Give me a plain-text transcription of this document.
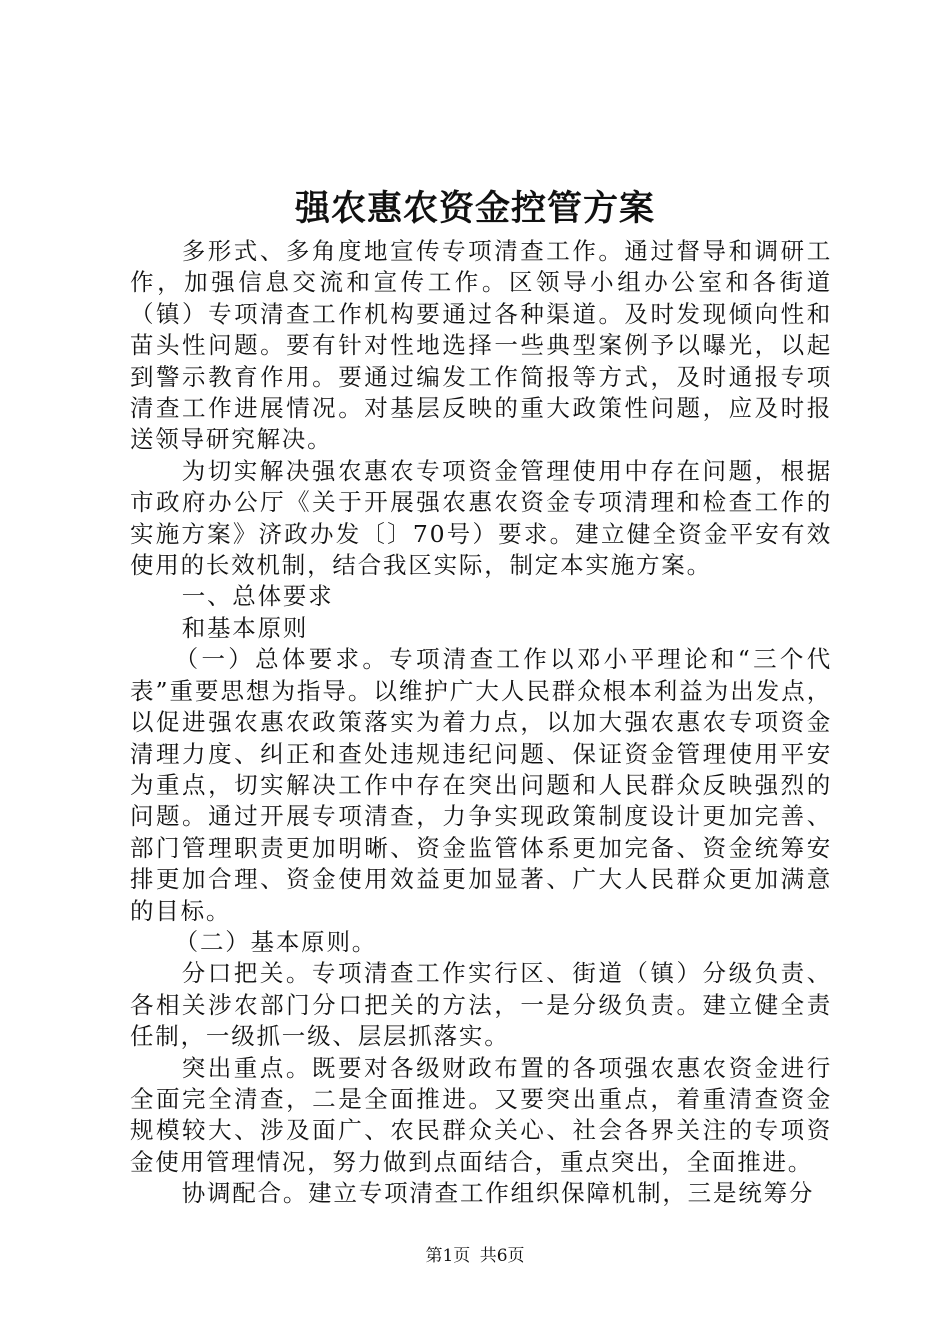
强农惠农资金控管方案

多形式、多角度地宣传专项清查工作。通过督导和调研工作，加强信息交流和宣传工作。区领导小组办公室和各街道（镇）专项清查工作机构要通过各种渠道。及时发现倾向性和苗头性问题。要有针对性地选择一些典型案例予以曝光，以起到警示教育作用。要通过编发工作简报等方式，及时通报专项清查工作进展情况。对基层反映的重大政策性问题，应及时报送领导研究解决。

为切实解决强农惠农专项资金管理使用中存在问题，根据市政府办公厅《关于开展强农惠农资金专项清理和检查工作的实施方案》济政办发〔〕70号）要求。建立健全资金平安有效使用的长效机制，结合我区实际，制定本实施方案。

一、总体要求

和基本原则

（一）总体要求。专项清查工作以邓小平理论和“三个代表”重要思想为指导。以维护广大人民群众根本利益为出发点，以促进强农惠农政策落实为着力点，以加大强农惠农专项资金清理力度、纠正和查处违规违纪问题、保证资金管理使用平安为重点，切实解决工作中存在突出问题和人民群众反映强烈的问题。通过开展专项清查，力争实现政策制度设计更加完善、部门管理职责更加明晰、资金监管体系更加完备、资金统筹安排更加合理、资金使用效益更加显著、广大人民群众更加满意的目标。

（二）基本原则。

分口把关。专项清查工作实行区、街道（镇）分级负责、各相关涉农部门分口把关的方法，一是分级负责。建立健全责任制，一级抓一级、层层抓落实。

突出重点。既要对各级财政布置的各项强农惠农资金进行全面完全清查，二是全面推进。又要突出重点，着重清查资金规模较大、涉及面广、农民群众关心、社会各界关注的专项资金使用管理情况，努力做到点面结合，重点突出，全面推进。

协调配合。建立专项清查工作组织保障机制，三是统筹分

第1页 共6页
